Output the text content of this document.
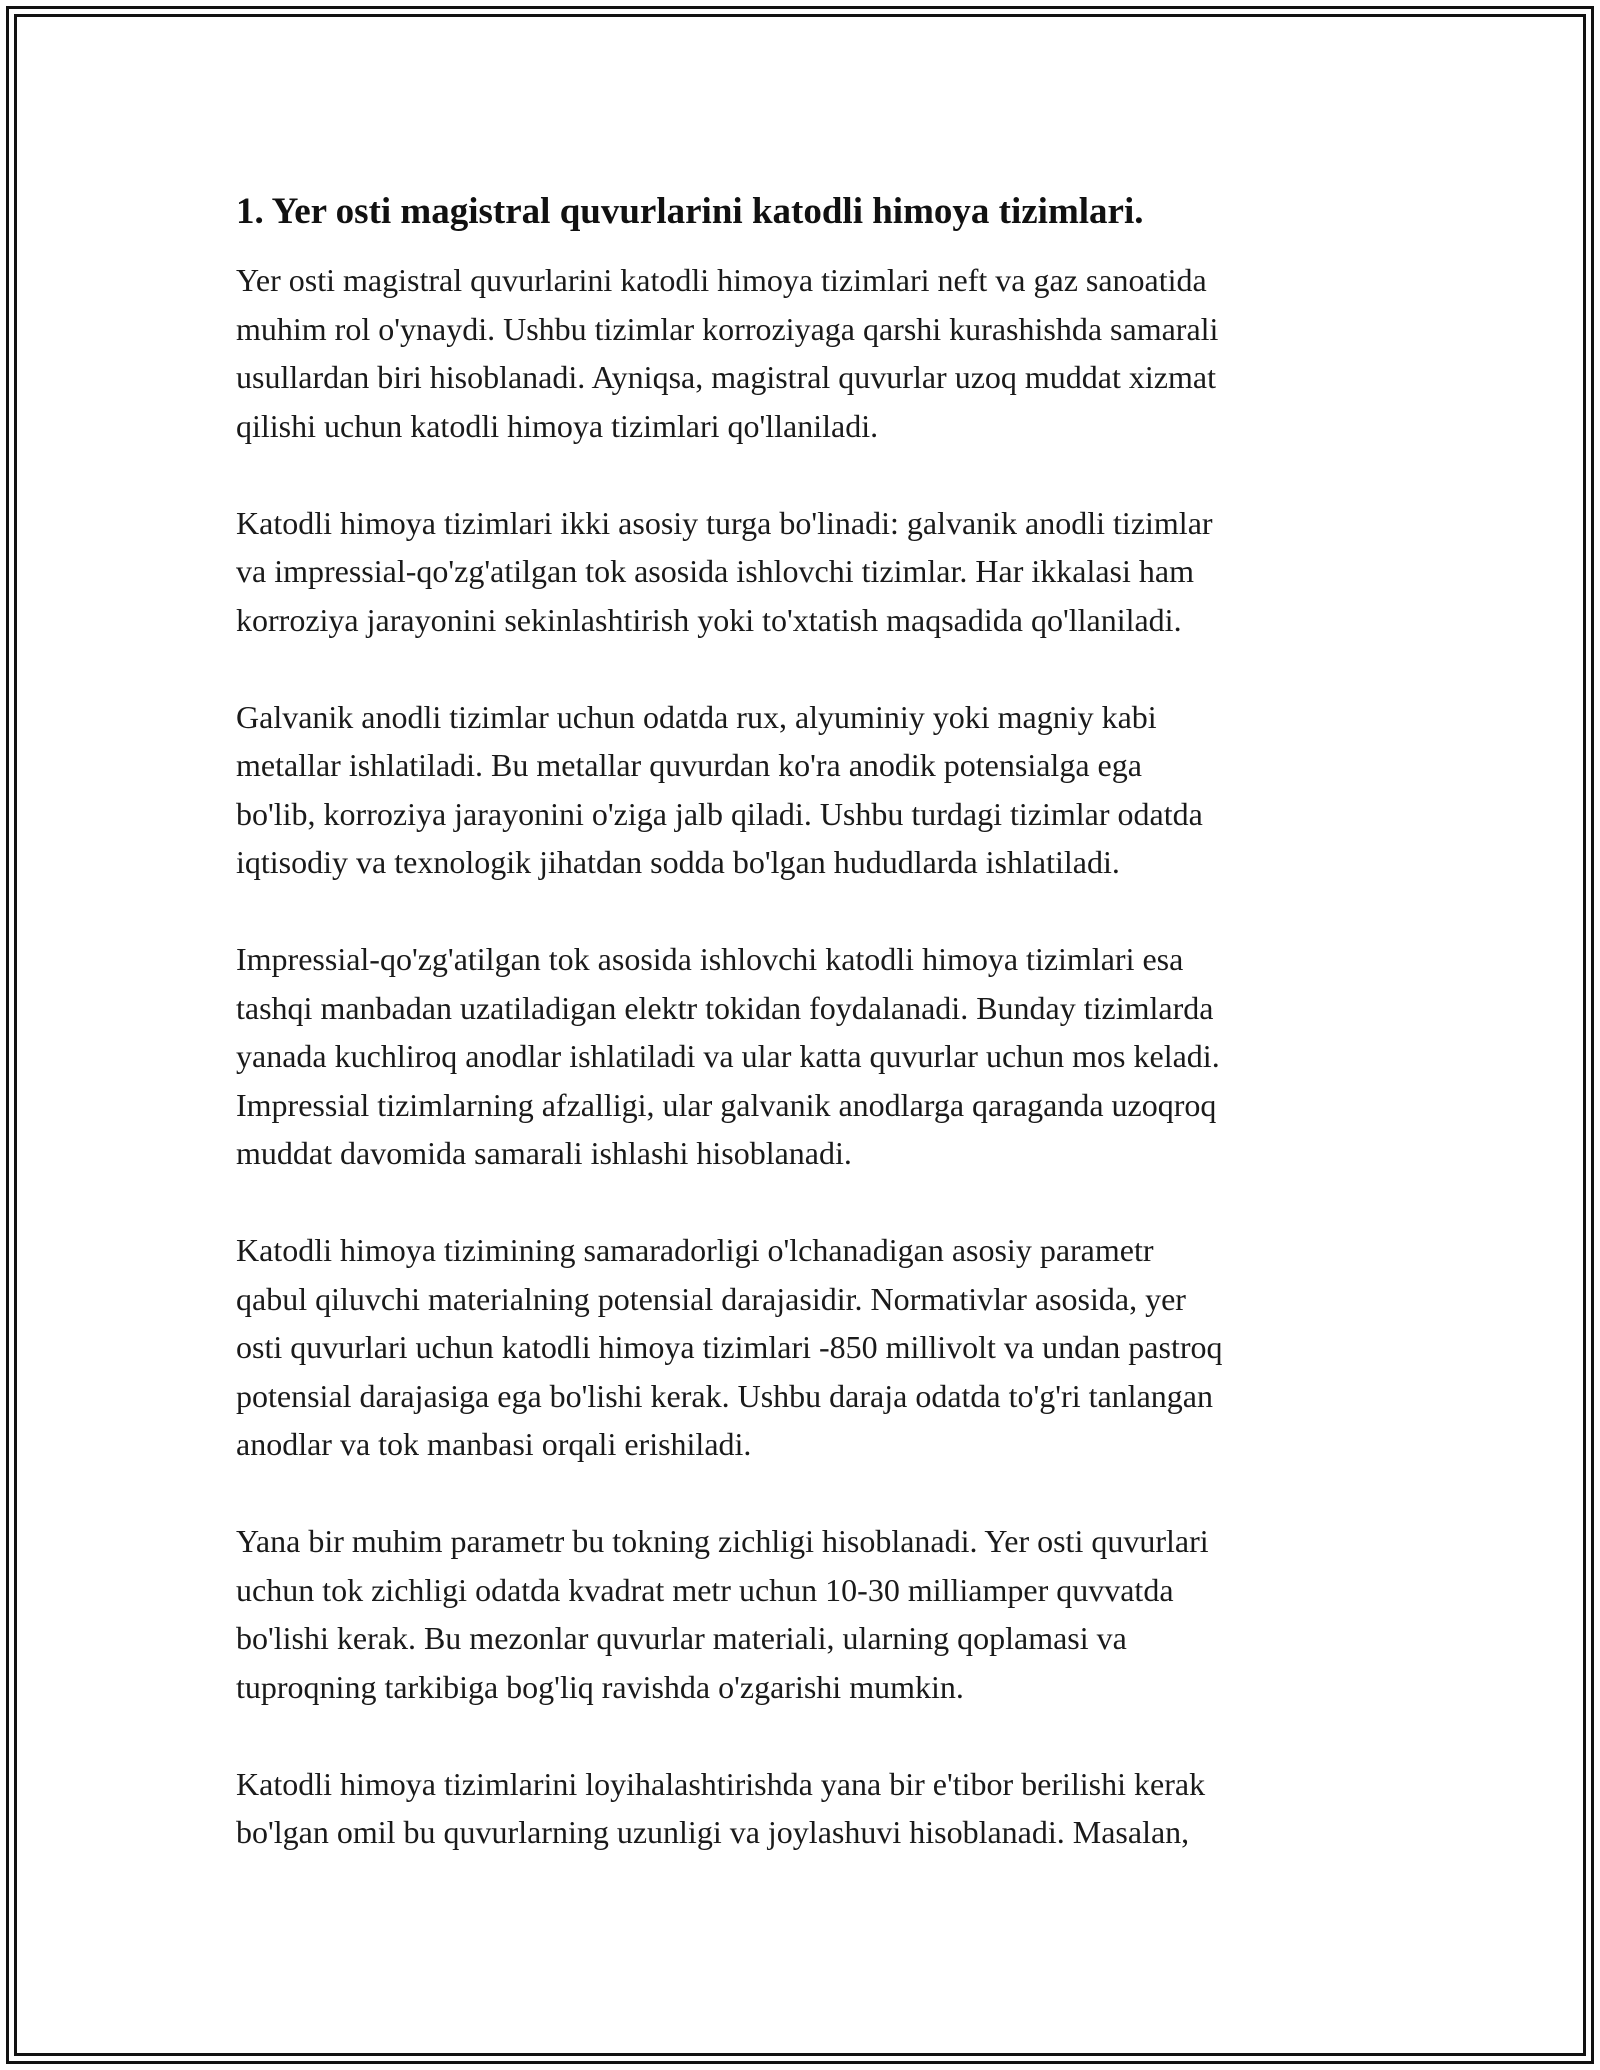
1. Yer osti magistral quvurlarini katodli himoya tizimlari.

Yer osti magistral quvurlarini katodli himoya tizimlari neft va gaz sanoatida
muhim rol o'ynaydi. Ushbu tizimlar korroziyaga qarshi kurashishda samarali
usullardan biri hisoblanadi. Ayniqsa, magistral quvurlar uzoq muddat xizmat
qilishi uchun katodli himoya tizimlari qo'llaniladi.

Katodli himoya tizimlari ikki asosiy turga bo'linadi: galvanik anodli tizimlar
va impressial-qo'zg'atilgan tok asosida ishlovchi tizimlar. Har ikkalasi ham
korroziya jarayonini sekinlashtirish yoki to'xtatish maqsadida qo'llaniladi.

Galvanik anodli tizimlar uchun odatda rux, alyuminiy yoki magniy kabi
metallar ishlatiladi. Bu metallar quvurdan ko'ra anodik potensialga ega
bo'lib, korroziya jarayonini o'ziga jalb qiladi. Ushbu turdagi tizimlar odatda
iqtisodiy va texnologik jihatdan sodda bo'lgan hududlarda ishlatiladi.

Impressial-qo'zg'atilgan tok asosida ishlovchi katodli himoya tizimlari esa
tashqi manbadan uzatiladigan elektr tokidan foydalanadi. Bunday tizimlarda
yanada kuchliroq anodlar ishlatiladi va ular katta quvurlar uchun mos keladi.
Impressial tizimlarning afzalligi, ular galvanik anodlarga qaraganda uzoqroq
muddat davomida samarali ishlashi hisoblanadi.

Katodli himoya tizimining samaradorligi o'lchanadigan asosiy parametr
qabul qiluvchi materialning potensial darajasidir. Normativlar asosida, yer
osti quvurlari uchun katodli himoya tizimlari -850 millivolt va undan pastroq
potensial darajasiga ega bo'lishi kerak. Ushbu daraja odatda to'g'ri tanlangan
anodlar va tok manbasi orqali erishiladi.

Yana bir muhim parametr bu tokning zichligi hisoblanadi. Yer osti quvurlari
uchun tok zichligi odatda kvadrat metr uchun 10-30 milliamper quvvatda
bo'lishi kerak. Bu mezonlar quvurlar materiali, ularning qoplamasi va
tuproqning tarkibiga bog'liq ravishda o'zgarishi mumkin.

Katodli himoya tizimlarini loyihalashtirishda yana bir e'tibor berilishi kerak
bo'lgan omil bu quvurlarning uzunligi va joylashuvi hisoblanadi. Masalan,
